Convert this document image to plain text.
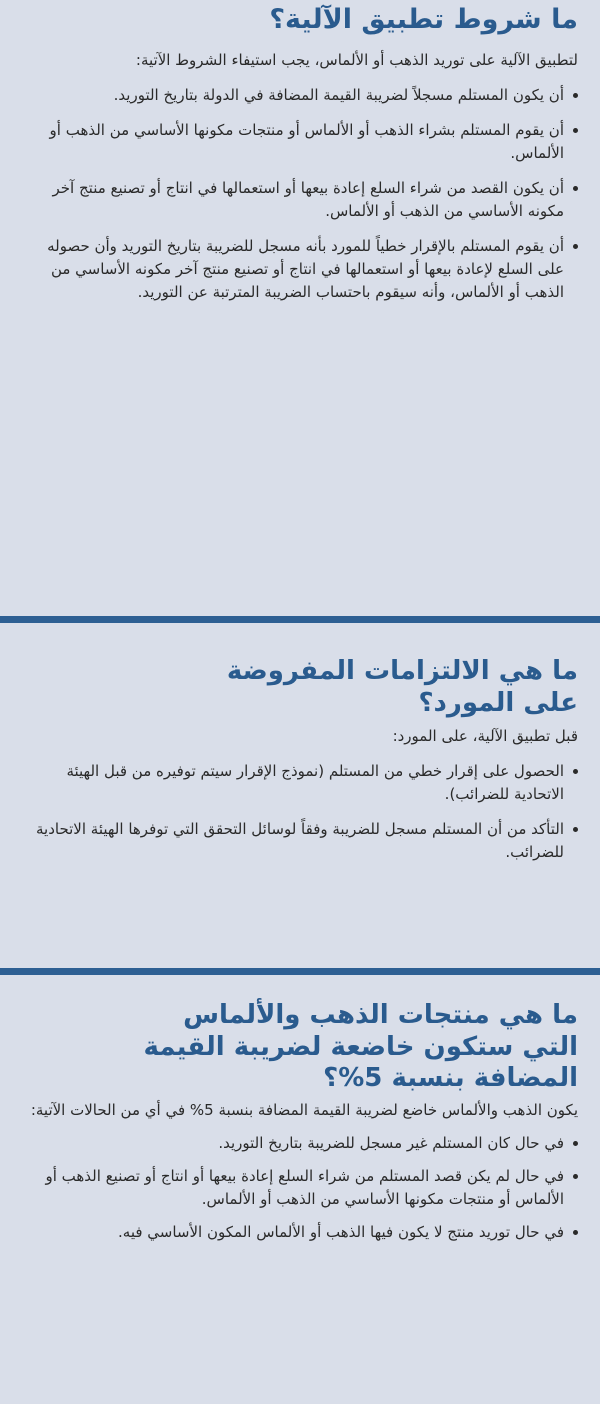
ما شروط تطبيق الآلية؟

لتطبيق الآلية على توريد الذهب أو الألماس، يجب استيفاء الشروط الآتية:

أن يكون المستلم مسجلاً لضريبة القيمة المضافة في الدولة بتاريخ التوريد.
أن يقوم المستلم بشراء الذهب أو الألماس أو منتجات مكونها الأساسي من الذهب أو الألماس.
أن يكون القصد من شراء السلع إعادة بيعها أو استعمالها في انتاج أو تصنيع منتج آخر مكونه الأساسي من الذهب أو الألماس.
أن يقوم المستلم بالإقرار خطياً للمورد بأنه مسجل للضريبة بتاريخ التوريد وأن حصوله على السلع لإعادة بيعها أو استعمالها في انتاج أو تصنيع منتج آخر مكونه الأساسي من الذهب أو الألماس، وأنه سيقوم باحتساب الضريبة المترتبة عن التوريد.
ما هي الالتزامات المفروضة
على المورد؟

قبل تطبيق الآلية، على المورد:

الحصول على إقرار خطي من المستلم (نموذج الإقرار سيتم توفيره من قبل الهيئة الاتحادية للضرائب).
التأكد من أن المستلم مسجل للضريبة وفقاً لوسائل التحقق التي توفرها الهيئة الاتحادية للضرائب.
ما هي منتجات الذهب والألماس
التي ستكون خاضعة لضريبة القيمة
المضافة بنسبة 5%؟

يكون الذهب والألماس خاضع لضريبة القيمة المضافة بنسبة 5% في أي من الحالات الآتية:

في حال كان المستلم غير مسجل للضريبة بتاريخ التوريد.
في حال لم يكن قصد المستلم من شراء السلع إعادة بيعها أو انتاج أو تصنيع الذهب أو الألماس أو منتجات مكونها الأساسي من الذهب أو الألماس.
في حال توريد منتج لا يكون فيها الذهب أو الألماس المكون الأساسي فيه.
